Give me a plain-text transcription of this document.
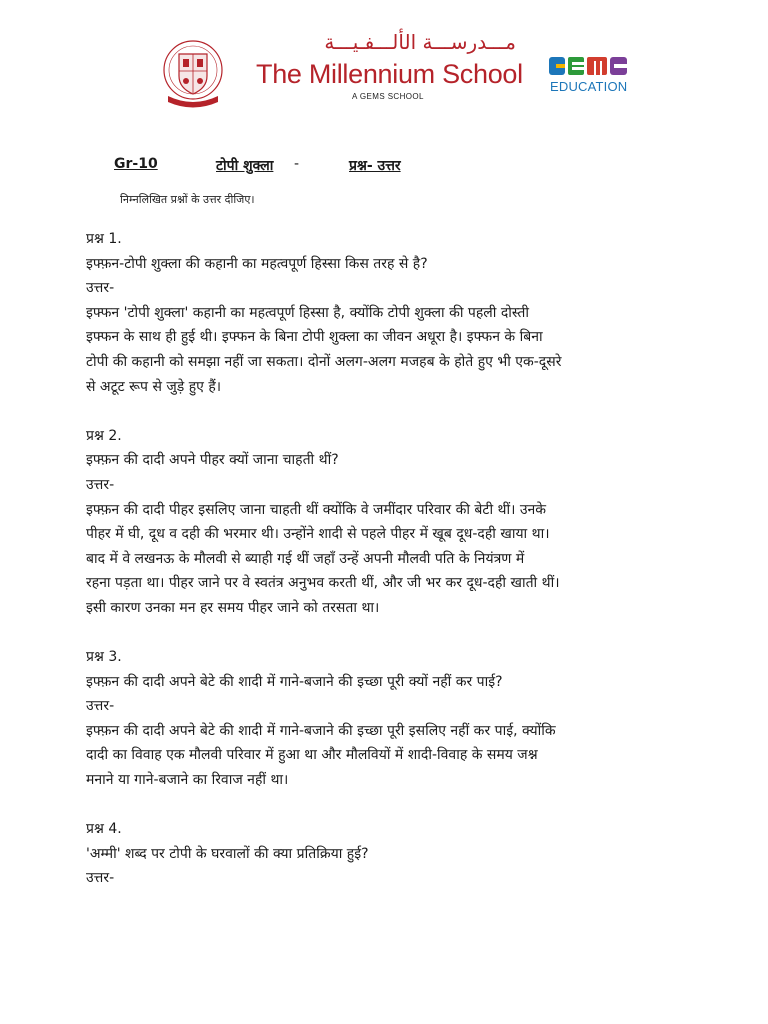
مـــدرســـة الألـــفـيـــة
The Millennium School
A GEMS SCHOOL
EDUCATION
Gr-10	टोपी शुक्ला -	प्रश्न- उत्तर
निम्नलिखित प्रश्नों के उत्तर दीजिए।
प्रश्न 1.
इफ्फ़न-टोपी शुक्ला की कहानी का महत्वपूर्ण हिस्सा किस तरह से है?
उत्तर-
इफ्फन 'टोपी शुक्ला' कहानी का महत्वपूर्ण हिस्सा है, क्योंकि टोपी शुक्ला की पहली दोस्ती
इफ्फन के साथ ही हुई थी। इफ्फन के बिना टोपी शुक्ला का जीवन अधूरा है। इफ्फन के बिना
टोपी की कहानी को समझा नहीं जा सकता। दोनों अलग-अलग मजहब के होते हुए भी एक-दूसरे
से अटूट रूप से जुड़े हुए हैं।
प्रश्न 2.
इफ्फ़न की दादी अपने पीहर क्यों जाना चाहती थीं?
उत्तर-
इफ्फ़न की दादी पीहर इसलिए जाना चाहती थीं क्योंकि वे जमींदार परिवार की बेटी थीं। उनके
पीहर में घी, दूध व दही की भरमार थी। उन्होंने शादी से पहले पीहर में खूब दूध-दही खाया था।
बाद में वे लखनऊ के मौलवी से ब्याही गई थीं जहाँ उन्हें अपनी मौलवी पति के नियंत्रण में
रहना पड़ता था। पीहर जाने पर वे स्वतंत्र अनुभव करती थीं, और जी भर कर दूध-दही खाती थीं।
इसी कारण उनका मन हर समय पीहर जाने को तरसता था।
प्रश्न 3.
इफ्फ़न की दादी अपने बेटे की शादी में गाने-बजाने की इच्छा पूरी क्यों नहीं कर पाई?
उत्तर-
इफ्फ़न की दादी अपने बेटे की शादी में गाने-बजाने की इच्छा पूरी इसलिए नहीं कर पाई, क्योंकि
दादी का विवाह एक मौलवी परिवार में हुआ था और मौलवियों में शादी-विवाह के समय जश्न
मनाने या गाने-बजाने का रिवाज नहीं था।
प्रश्न 4.
'अम्मी' शब्द पर टोपी के घरवालों की क्या प्रतिक्रिया हुई?
उत्तर-
